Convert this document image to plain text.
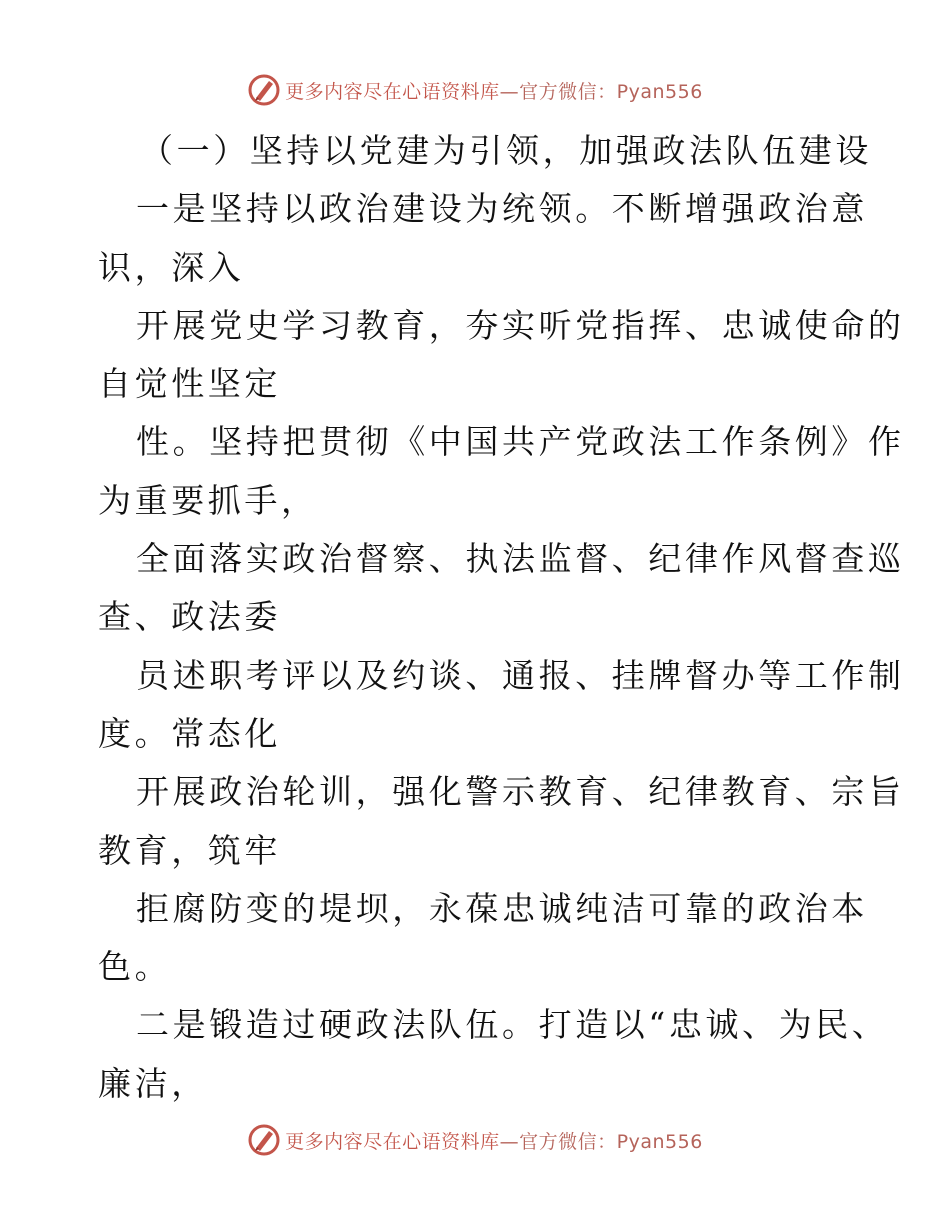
更多内容尽在心语资料库—官方微信：Pyan556
（一）坚持以党建为引领，加强政法队伍建设
一是坚持以政治建设为统领。不断增强政治意
识，深入
开展党史学习教育，夯实听党指挥、忠诚使命的
自觉性坚定
性。坚持把贯彻《中国共产党政法工作条例》作
为重要抓手，
全面落实政治督察、执法监督、纪律作风督查巡
查、政法委
员述职考评以及约谈、通报、挂牌督办等工作制
度。常态化
开展政治轮训，强化警示教育、纪律教育、宗旨
教育，筑牢
拒腐防变的堤坝，永葆忠诚纯洁可靠的政治本
色。
二是锻造过硬政法队伍。打造以“忠诚、为民、
廉洁，
更多内容尽在心语资料库—官方微信：Pyan556
